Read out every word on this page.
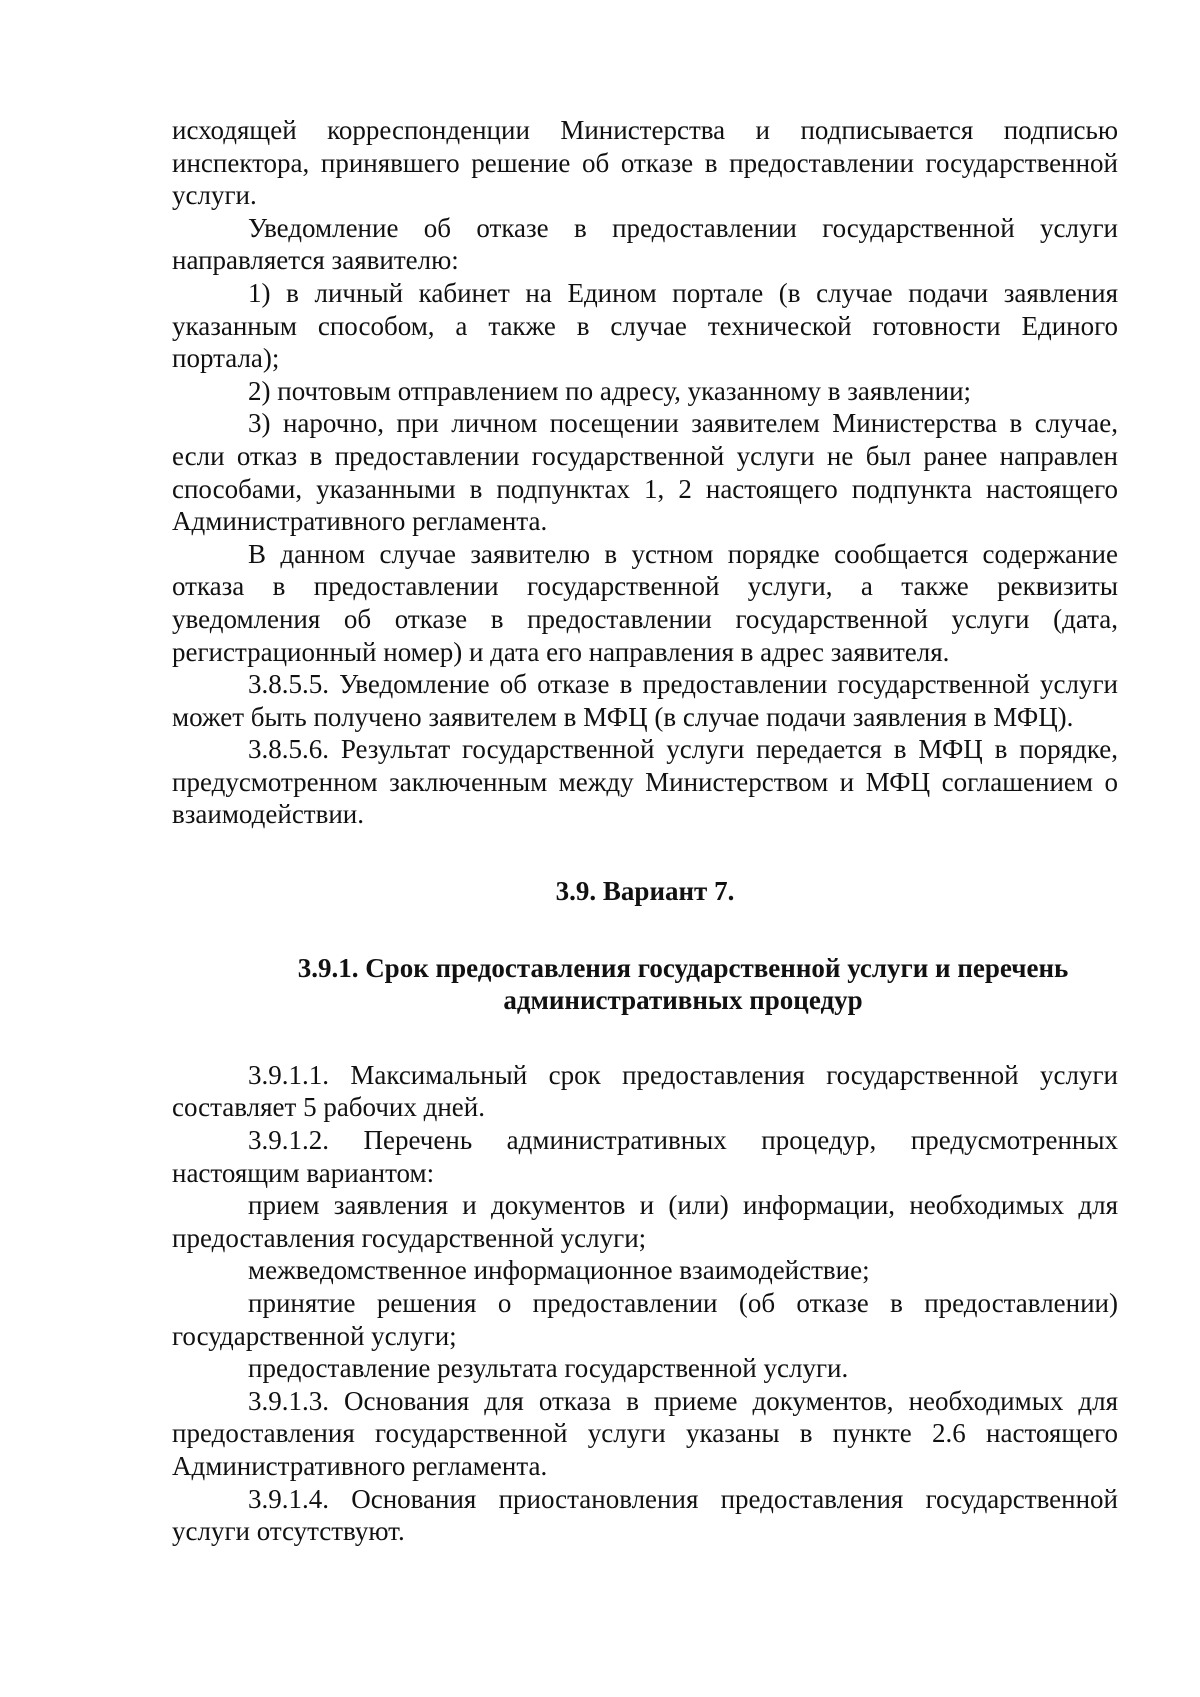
исходящей корреспонденции Министерства и подписывается подписью инспектора, принявшего решение об отказе в предоставлении государственной услуги.

Уведомление об отказе в предоставлении государственной услуги направляется заявителю:

1) в личный кабинет на Едином портале (в случае подачи заявления указанным способом, а также в случае технической готовности Единого портала);

2) почтовым отправлением по адресу, указанному в заявлении;

3) нарочно, при личном посещении заявителем Министерства в случае, если отказ в предоставлении государственной услуги не был ранее направлен способами, указанными в подпунктах 1, 2 настоящего подпункта настоящего Административного регламента.

В данном случае заявителю в устном порядке сообщается содержание отказа в предоставлении государственной услуги, а также реквизиты уведомления об отказе в предоставлении государственной услуги (дата, регистрационный номер) и дата его направления в адрес заявителя.

3.8.5.5. Уведомление об отказе в предоставлении государственной услуги может быть получено заявителем в МФЦ (в случае подачи заявления в МФЦ).

3.8.5.6. Результат государственной услуги передается в МФЦ в порядке, предусмотренном заключенным между Министерством и МФЦ соглашением о взаимодействии.

3.9. Вариант 7.
3.9.1. Срок предоставления государственной услуги и перечень административных процедур

3.9.1.1. Максимальный срок предоставления государственной услуги составляет 5 рабочих дней.

3.9.1.2. Перечень административных процедур, предусмотренных настоящим вариантом:

прием заявления и документов и (или) информации, необходимых для предоставления государственной услуги;

межведомственное информационное взаимодействие;

принятие решения о предоставлении (об отказе в предоставлении) государственной услуги;

предоставление результата государственной услуги.

3.9.1.3. Основания для отказа в приеме документов, необходимых для предоставления государственной услуги указаны в пункте 2.6 настоящего Административного регламента.

3.9.1.4. Основания приостановления предоставления государственной услуги отсутствуют.
